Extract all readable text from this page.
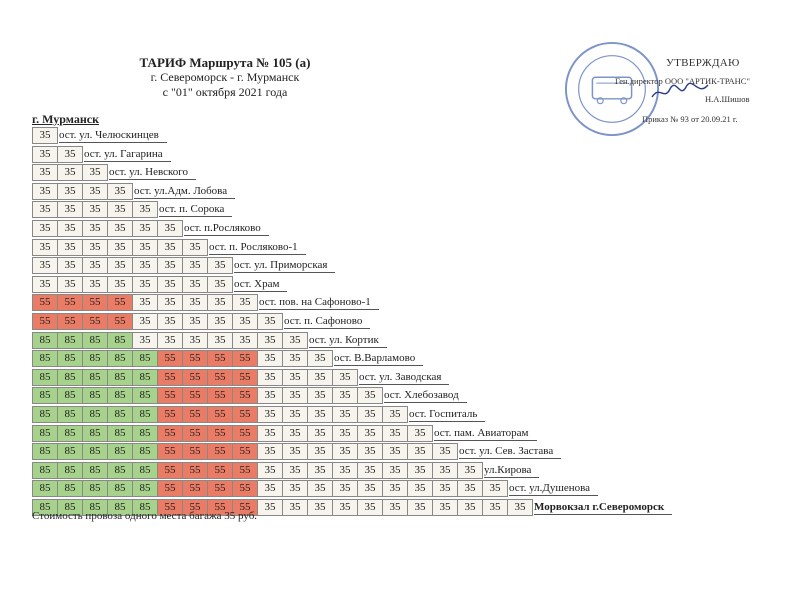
ТАРИФ Маршрута № 105 (а)
г. Североморск - г. Мурманск
с "01" октября 2021 года
УТВЕРЖДАЮ
Ген.директор ООО "АРТИК-ТРАНС"
Н.А.Шишов
Приказ № 93 от 20.09.21 г.
г. Мурманск
35 ост. ул. Челюскинцев
35	35 ост. ул. Гагарина
35	35	35 ост. ул. Невского
35	35	35	35 ост. ул.Адм. Лобова
35	35	35	35	35 ост. п. Сорока
35	35	35	35	35	35 ост. п.Росляково
35	35	35	35	35	35	35 ост. п. Росляково-1
35	35	35	35	35	35	35	35 ост. ул. Приморская
35	35	35	35	35	35	35	35 ост. Храм
55	55	55	55	35	35	35	35	35 ост. пов. на Сафоново-1
55	55	55	55	35	35	35	35	35	35 ост. п. Сафоново
85	85	85	85	35	35	35	35	35	35	35 ост. ул. Кортик
85	85	85	85	85	55	55	55	55	35	35	35 ост. В.Варламово
85	85	85	85	85	55	55	55	55	35	35	35	35 ост. ул. Заводская
85	85	85	85	85	55	55	55	55	35	35	35	35	35 ост. Хлебозавод
85	85	85	85	85	55	55	55	55	35	35	35	35	35	35 ост. Госпиталь
85	85	85	85	85	55	55	55	55	35	35	35	35	35	35	35 ост. пам. Авиаторам
85	85	85	85	85	55	55	55	55	35	35	35	35	35	35	35	35 ост. ул. Сев. Застава
85	85	85	85	85	55	55	55	55	35	35	35	35	35	35	35	35	35 ул.Кирова
85	85	85	85	85	55	55	55	55	35	35	35	35	35	35	35	35	35	35 ост. ул.Душенова
85	85	85	85	85	55	55	55	55	35	35	35	35	35	35	35	35	35	35	35 Морвокзал г.Североморск
Стоимость провоза одного места багажа 35 руб.
